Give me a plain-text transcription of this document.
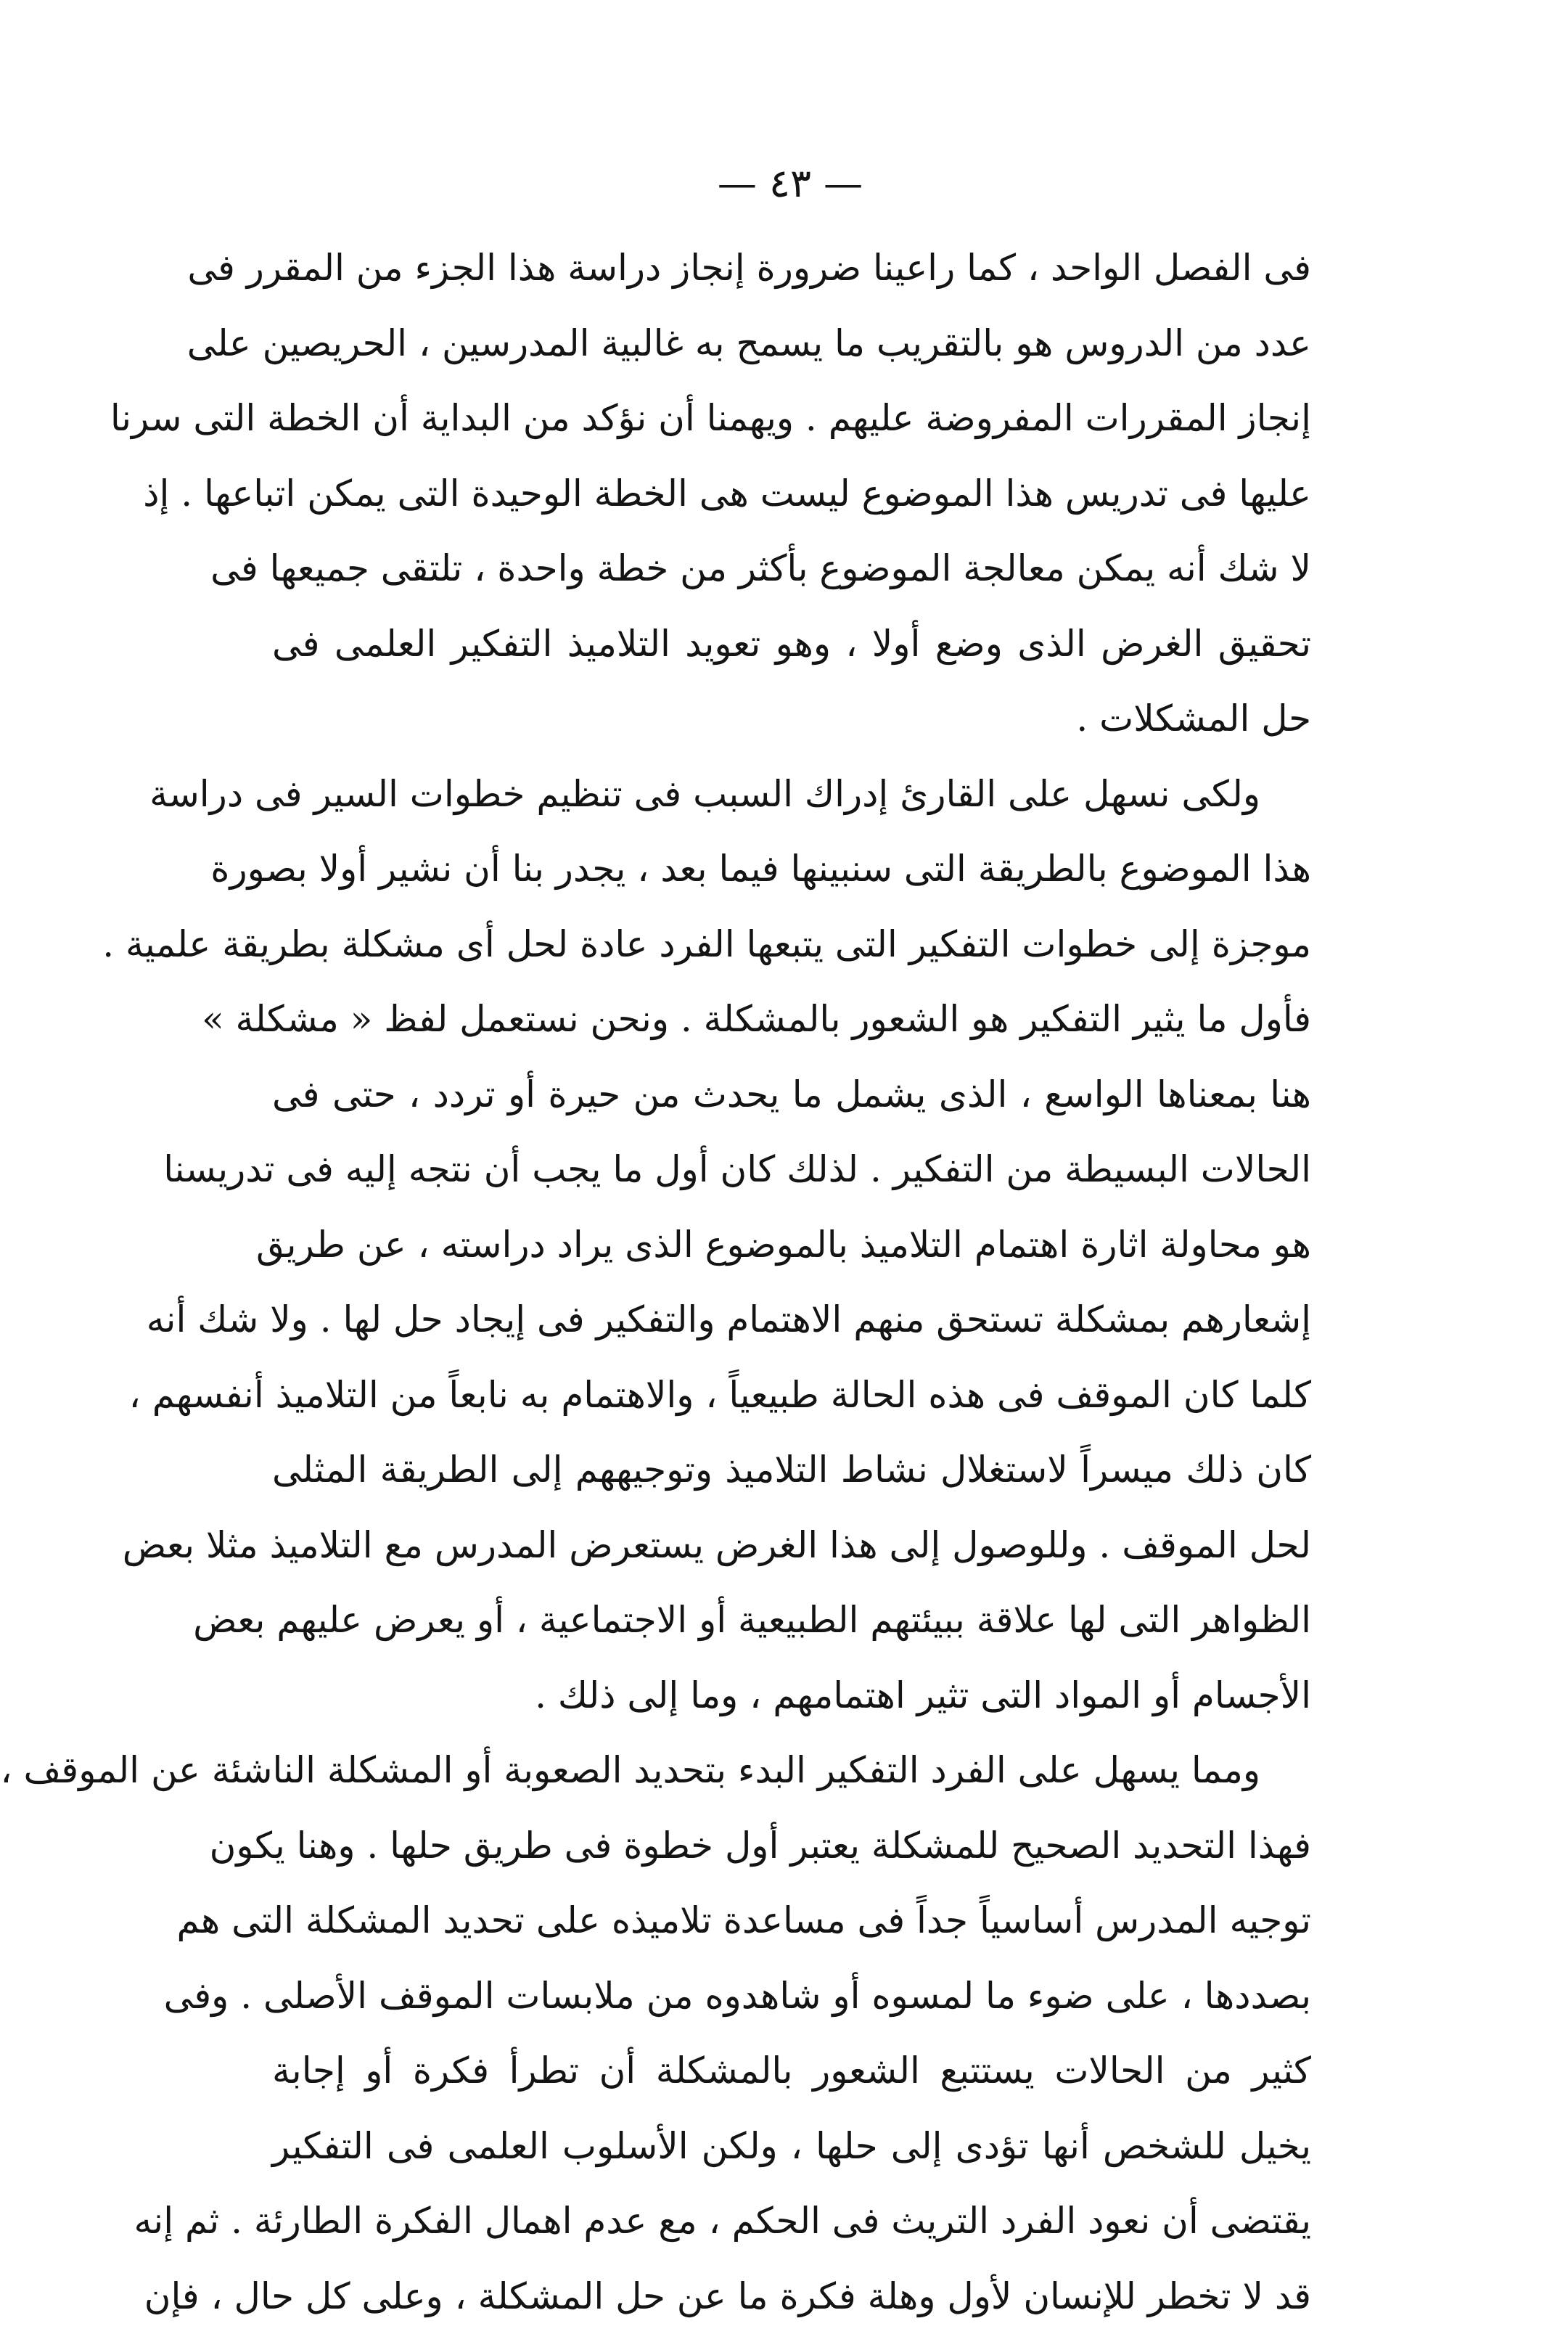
— ٤٣ —
فى الفصل الواحد ، كما راعينا ضرورة إنجاز دراسة هذا الجزء من المقرر فى
عدد من الدروس هو بالتقريب ما يسمح به غالبية المدرسين ، الحريصين على
إنجاز المقررات المفروضة عليهم . ويهمنا أن نؤكد من البداية أن الخطة التى سرنا
عليها فى تدريس هذا الموضوع ليست هى الخطة الوحيدة التى يمكن اتباعها . إذ
لا شك أنه يمكن معالجة الموضوع بأكثر من خطة واحدة ، تلتقى جميعها فى
تحقيق الغرض الذى وضع أولا ، وهو تعويد التلاميذ التفكير العلمى فى
حل المشكلات .
ولكى نسهل على القارئ إدراك السبب فى تنظيم خطوات السير فى دراسة
هذا الموضوع بالطريقة التى سنبينها فيما بعد ، يجدر بنا أن نشير أولا بصورة
موجزة إلى خطوات التفكير التى يتبعها الفرد عادة لحل أى مشكلة بطريقة علمية .
فأول ما يثير التفكير هو الشعور بالمشكلة . ونحن نستعمل لفظ « مشكلة »
هنا بمعناها الواسع ، الذى يشمل ما يحدث من حيرة أو تردد ، حتى فى
الحالات البسيطة من التفكير . لذلك كان أول ما يجب أن نتجه إليه فى تدريسنا
هو محاولة اثارة اهتمام التلاميذ بالموضوع الذى يراد دراسته ، عن طريق
إشعارهم بمشكلة تستحق منهم الاهتمام والتفكير فى إيجاد حل لها . ولا شك أنه
كلما كان الموقف فى هذه الحالة طبيعياً ، والاهتمام به نابعاً من التلاميذ أنفسهم ،
كان ذلك ميسراً لاستغلال نشاط التلاميذ وتوجيههم إلى الطريقة المثلى
لحل الموقف . وللوصول إلى هذا الغرض يستعرض المدرس مع التلاميذ مثلا بعض
الظواهر التى لها علاقة ببيئتهم الطبيعية أو الاجتماعية ، أو يعرض عليهم بعض
الأجسام أو المواد التى تثير اهتمامهم ، وما إلى ذلك .
ومما يسهل على الفرد التفكير البدء بتحديد الصعوبة أو المشكلة الناشئة عن الموقف ،
فهذا التحديد الصحيح للمشكلة يعتبر أول خطوة فى طريق حلها . وهنا يكون
توجيه المدرس أساسياً جداً فى مساعدة تلاميذه على تحديد المشكلة التى هم
بصددها ، على ضوء ما لمسوه أو شاهدوه من ملابسات الموقف الأصلى . وفى
كثير من الحالات يستتبع الشعور بالمشكلة أن تطرأ فكرة أو إجابة
يخيل للشخص أنها تؤدى إلى حلها ، ولكن الأسلوب العلمى فى التفكير
يقتضى أن نعود الفرد التريث فى الحكم ، مع عدم اهمال الفكرة الطارئة . ثم إنه
قد لا تخطر للإنسان لأول وهلة فكرة ما عن حل المشكلة ، وعلى كل حال ، فإن
